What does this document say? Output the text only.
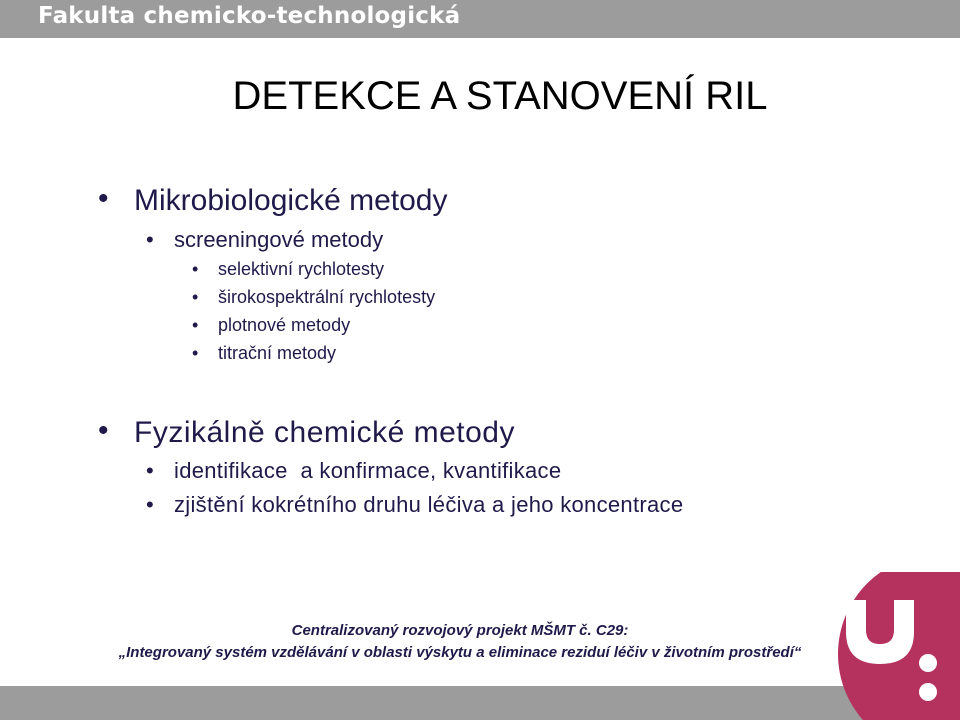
Fakulta chemicko-technologická
DETEKCE A STANOVENÍ RIL
• Mikrobiologické metody
• screeningové metody
• selektivní rychlotesty
• širokospektrální rychlotesty
• plotnové metody
• titrační metody
• Fyzikálně chemické metody
• identifikace  a konfirmace, kvantifikace
• zjištění kokrétního druhu léčiva a jeho koncentrace
Centralizovaný rozvojový projekt MŠMT č. C29:
„Integrovaný systém vzdělávání v oblasti výskytu a eliminace reziduí léčiv v životním prostředí“
